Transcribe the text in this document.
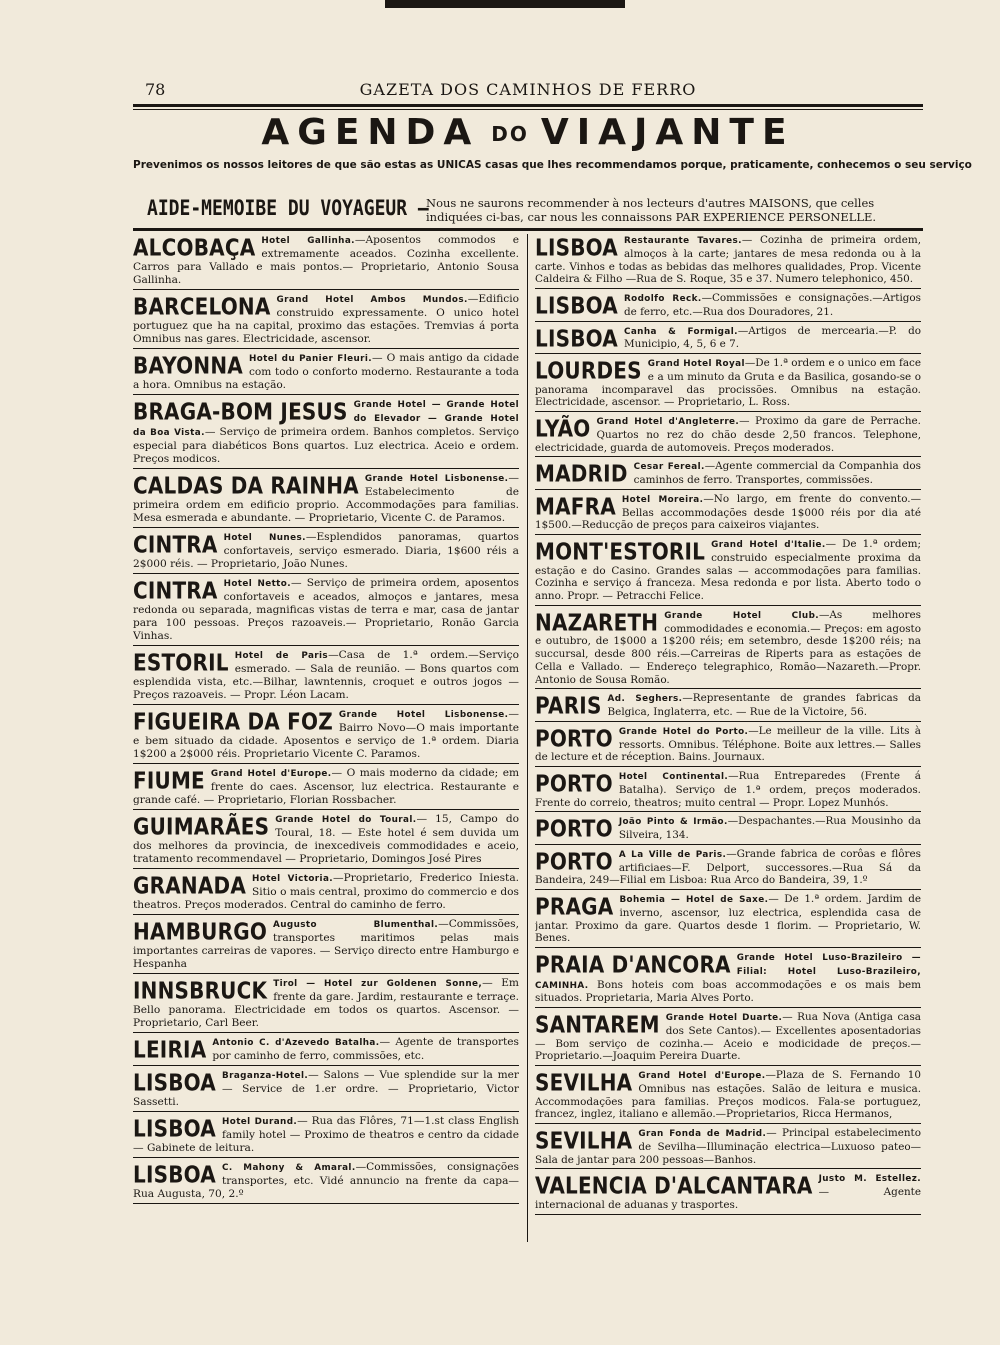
78	GAZETA DOS CAMINHOS DE FERRO
AGENDA DO VIAJANTE
Prevenimos os nossos leitores de que são estas as UNICAS casas que lhes recommendamos porque, praticamente, conhecemos o seu serviço
AIDE-MEMOIBE DU VOYAGEUR —
Nous ne saurons recommender à nos lecteurs d'autres MAISONS, que celles indiquées ci-bas, car nous les connaissons PAR EXPERIENCE PERSONELLE.
ALCOBAÇA Hotel Gallinha.—Aposentos commodos e extremamente aceados. Cozinha excellente. Carros para Vallado e mais pontos.— Proprietario, Antonio Sousa Gallinha.
BARCELONA Grand Hotel Ambos Mundos.—Edificio construido expressamente. O unico hotel portuguez que ha na capital, proximo das estações. Tremvias á porta Omnibus nas gares. Electricidade, ascensor.
BAYONNA Hotel du Panier Fleuri.— O mais antigo da cidade com todo o conforto moderno. Restaurante a toda a hora. Omnibus na estação.
BRAGA-BOM JESUS Grande Hotel — Grande Hotel do Elevador — Grande Hotel da Boa Vista.— Serviço de primeira ordem. Banhos completos. Serviço especial para diabéticos Bons quartos. Luz electrica. Aceio e ordem. Preços modicos.
CALDAS DA RAINHA Grande Hotel Lisbonense.— Estabelecimento de primeira ordem em edificio proprio. Accommodações para familias. Mesa esmerada e abundante. — Proprietario, Vicente C. de Paramos.
CINTRA Hotel Nunes.—Esplendidos panoramas, quartos confortaveis, serviço esmerado. Diaria, 1$600 réis a 2$000 réis. — Proprietario, João Nunes.
CINTRA Hotel Netto.— Serviço de primeira ordem, aposentos confortaveis e aceados, almoços e jantares, mesa redonda ou separada, magnificas vistas de terra e mar, casa de jantar para 100 pessoas. Preços razoaveis.— Proprietario, Ronão Garcia Vinhas.
ESTORIL Hotel de Paris—Casa de 1.ª ordem.—Serviço esmerado. — Sala de reunião. — Bons quartos com esplendida vista, etc.—Bilhar, lawntennis, croquet e outros jogos —Preços razoaveis. — Propr. Léon Lacam.
FIGUEIRA DA FOZ Grande Hotel Lisbonense.—Bairro Novo—O mais importante e bem situado da cidade. Aposentos e serviço de 1.ª ordem. Diaria 1$200 a 2$000 réis. Proprietario Vicente C. Paramos.
FIUME Grand Hotel d'Europe.— O mais moderno da cidade; em frente do caes. Ascensor, luz electrica. Restaurante e grande café. — Proprietario, Florian Rossbacher.
GUIMARÃES Grande Hotel do Toural.— 15, Campo do Toural, 18. — Este hotel é sem duvida um dos melhores da provincia, de inexcediveis commodidades e aceio, tratamento recommendavel — Proprietario, Domingos José Pires
GRANADA Hotel Victoria.—Proprietario, Frederico Iniesta. Sitio o mais central, proximo do commercio e dos theatros. Preços moderados. Central do caminho de ferro.
HAMBURGO Augusto Blumenthal.—Commissões, transportes maritimos pelas mais importantes carreiras de vapores. — Serviço directo entre Hamburgo e Hespanha
INNSBRUCK Tirol — Hotel zur Goldenen Sonne,— Em frente da gare. Jardim, restaurante e terraçe. Bello panorama. Electricidade em todos os quartos. Ascensor. — Proprietario, Carl Beer.
LEIRIA Antonio C. d'Azevedo Batalha.— Agente de transportes por caminho de ferro, commissões, etc.
LISBOA Braganza-Hotel.— Salons — Vue splendide sur la mer — Service de 1.er ordre. — Proprietario, Victor Sassetti.
LISBOA Hotel Durand.— Rua das Flôres, 71—1.st class English family hotel — Proximo de theatros e centro da cidade— Gabinete de leitura.
LISBOA C. Mahony & Amaral.—Commissões, consignações transportes, etc. Vidé annuncio na frente da capa— Rua Augusta, 70, 2.º
LISBOA Restaurante Tavares.— Cozinha de primeira ordem, almoços à la carte; jantares de mesa redonda ou à la carte. Vinhos e todas as bebidas das melhores qualidades, Prop. Vicente Caldeira & Filho —Rua de S. Roque, 35 e 37. Numero telephonico, 450.
LISBOA Rodolfo Reck.—Commissões e consignações.—Artigos de ferro, etc.—Rua dos Douradores, 21.
LISBOA Canha & Formigal.—Artigos de mercearia.—P. do Municipio, 4, 5, 6 e 7.
LOURDES Grand Hotel Royal—De 1.ª ordem e o unico em face e a um minuto da Gruta e da Basilica, gosando-se o panorama incomparavel das procissões. Omnibus na estação. Electricidade, ascensor. — Proprietario, L. Ross.
LYÃO Grand Hotel d'Angleterre.— Proximo da gare de Perrache. Quartos no rez do chão desde 2,50 francos. Telephone, electricidade, guarda de automoveis. Preços moderados.
MADRID Cesar Fereal.—Agente commercial da Companhia dos caminhos de ferro. Transportes, commissões.
MAFRA Hotel Moreira.—No largo, em frente do convento.— Bellas accommodações desde 1$000 réis por dia até 1$500.—Reducção de preços para caixeiros viajantes.
MONT'ESTORIL Grand Hotel d'Italie.— De 1.ª ordem; construido especialmente proxima da estação e do Casino. Grandes salas — accommodações para familias. Cozinha e serviço á franceza. Mesa redonda e por lista. Aberto todo o anno. Propr. — Petracchi Felice.
NAZARETH Grande Hotel Club.—As melhores commodidades e economia.— Preços: em agosto e outubro, de 1$000 a 1$200 réis; em setembro, desde 1$200 réis; na succursal, desde 800 réis.—Carreiras de Riperts para as estações de Cella e Vallado. — Endereço telegraphico, Romão—Nazareth.—Propr. Antonio de Sousa Romão.
PARIS Ad. Seghers.—Representante de grandes fabricas da Belgica, Inglaterra, etc. — Rue de la Victoire, 56.
PORTO Grande Hotel do Porto.—Le meilleur de la ville. Lits à ressorts. Omnibus. Téléphone. Boite aux lettres.— Salles de lecture et de réception. Bains. Journaux.
PORTO Hotel Continental.—Rua Entreparedes (Frente á Batalha). Serviço de 1.ª ordem, preços moderados. Frente do correio, theatros; muito central — Propr. Lopez Munhós.
PORTO João Pinto & Irmão.—Despachantes.—Rua Mousinho da Silveira, 134.
PORTO A La Ville de Paris.—Grande fabrica de corôas e flôres artificiaes—F. Delport, successores.—Rua Sá da Bandeira, 249—Filial em Lisboa: Rua Arco do Bandeira, 39, 1.º
PRAGA Bohemia — Hotel de Saxe.— De 1.ª ordem. Jardim de inverno, ascensor, luz electrica, esplendida casa de jantar. Proximo da gare. Quartos desde 1 florim. — Proprietario, W. Benes.
PRAIA D'ANCORA Grande Hotel Luso-Brazileiro — Filial: Hotel Luso-Brazileiro, CAMINHA. Bons hoteis com boas accommodações e os mais bem situados. Proprietaria, Maria Alves Porto.
SANTAREM Grande Hotel Duarte.— Rua Nova (Antiga casa dos Sete Cantos).— Excellentes aposentadorias— Bom serviço de cozinha.— Aceio e modicidade de preços.—Proprietario.—Joaquim Pereira Duarte.
SEVILHA Grand Hotel d'Europe.—Plaza de S. Fernando 10 Omnibus nas estações. Salão de leitura e musica. Accommodações para familias. Preços modicos. Fala-se portuguez, francez, inglez, italiano e allemão.—Proprietarios, Ricca Hermanos,
SEVILHA Gran Fonda de Madrid.— Principal estabelecimento de Sevilha—Illuminação electrica—Luxuoso pateo—Sala de jantar para 200 pessoas—Banhos.
VALENCIA D'ALCANTARA Justo M. Estellez. — Agente internacional de aduanas y trasportes.
